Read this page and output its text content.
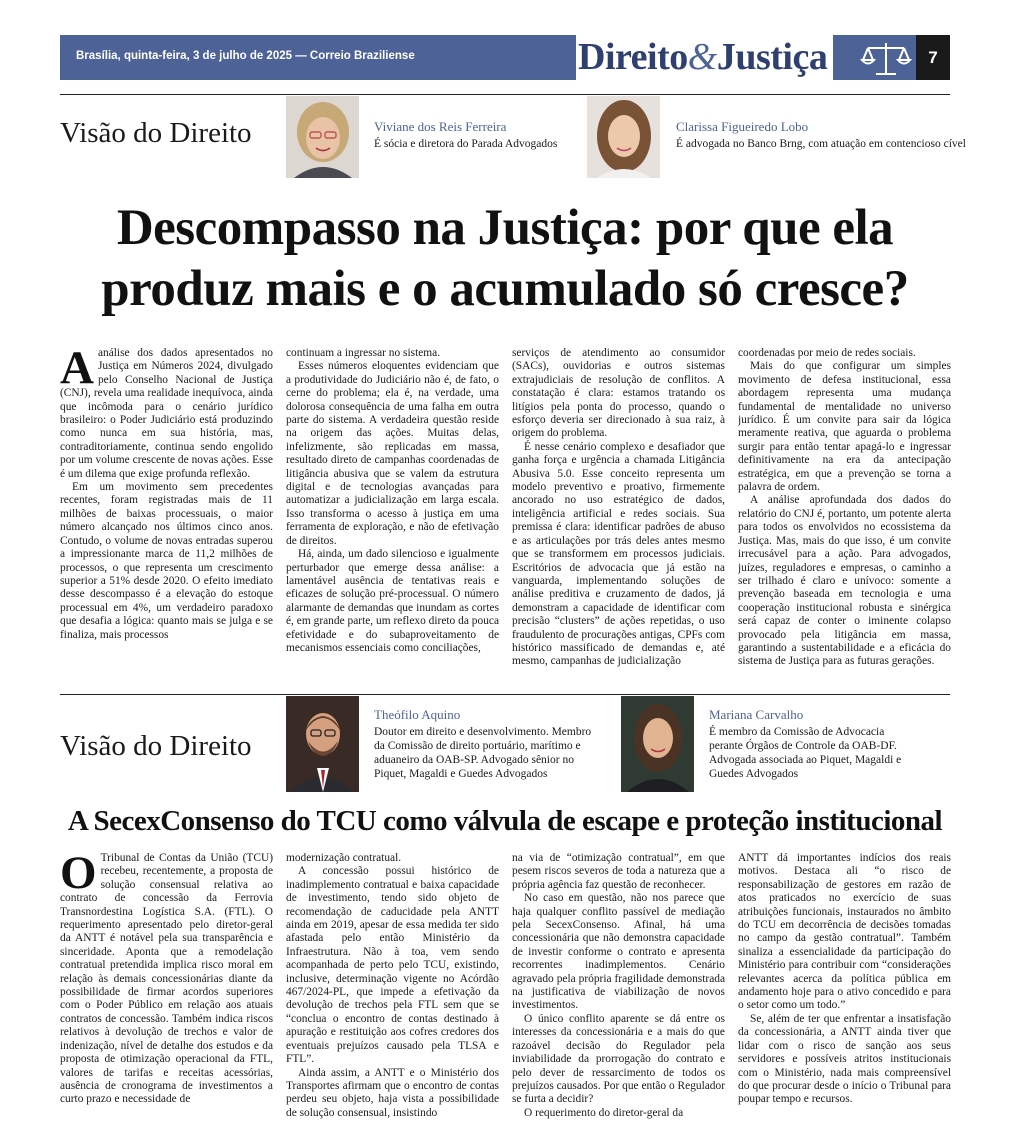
Brasília, quinta-feira, 3 de julho de 2025 — Correio Braziliense	Direito&Justiça	7
Visão do Direito	Viviane dos Reis Ferreira
É sócia e diretora do Parada Advogados
Clarissa Figueiredo Lobo
É advogada no Banco Brng, com atuação em contencioso cível
Descompasso na Justiça: por que ela
produz mais e o acumulado só cresce?

Aanálise dos dados apresentados no Justiça em Números 2024, divulgado pelo Conselho Nacional de Justiça (CNJ), revela uma realidade inequívoca, ainda que incômoda para o cenário jurídico brasileiro: o Poder Judiciário está produzindo como nunca em sua história, mas, contraditoriamente, continua sendo engolido por um volume crescente de novas ações. Esse é um dilema que exige profunda reflexão.

Em um movimento sem precedentes recentes, foram registradas mais de 11 milhões de baixas processuais, o maior número alcançado nos últimos cinco anos. Contudo, o volume de novas entradas superou a impressionante marca de 11,2 milhões de processos, o que representa um crescimento superior a 51% desde 2020. O efeito imediato desse descompasso é a elevação do estoque processual em 4%, um verdadeiro paradoxo que desafia a lógica: quanto mais se julga e se finaliza, mais processos

continuam a ingressar no sistema.

Esses números eloquentes evidenciam que a produtividade do Judiciário não é, de fato, o cerne do problema; ela é, na verdade, uma dolorosa consequência de uma falha em outra parte do sistema. A verdadeira questão reside na origem das ações. Muitas delas, infelizmente, são replicadas em massa, resultado direto de campanhas coordenadas de litigância abusiva que se valem da estrutura digital e de tecnologias avançadas para automatizar a judicialização em larga escala. Isso transforma o acesso à justiça em uma ferramenta de exploração, e não de efetivação de direitos.

Há, ainda, um dado silencioso e igualmente perturbador que emerge dessa análise: a lamentável ausência de tentativas reais e eficazes de solução pré-processual. O número alarmante de demandas que inundam as cortes é, em grande parte, um reflexo direto da pouca efetividade e do subaproveitamento de mecanismos essenciais como conciliações,

serviços de atendimento ao consumidor (SACs), ouvidorias e outros sistemas extrajudiciais de resolução de conflitos. A constatação é clara: estamos tratando os litígios pela ponta do processo, quando o esforço deveria ser direcionado à sua raiz, à origem do problema.

É nesse cenário complexo e desafiador que ganha força e urgência a chamada Litigância Abusiva 5.0. Esse conceito representa um modelo preventivo e proativo, firmemente ancorado no uso estratégico de dados, inteligência artificial e redes sociais. Sua premissa é clara: identificar padrões de abuso e as articulações por trás deles antes mesmo que se transformem em processos judiciais. Escritórios de advocacia que já estão na vanguarda, implementando soluções de análise preditiva e cruzamento de dados, já demonstram a capacidade de identificar com precisão “clusters” de ações repetidas, o uso fraudulento de procurações antigas, CPFs com histórico massificado de demandas e, até mesmo, campanhas de judicialização

coordenadas por meio de redes sociais.

Mais do que configurar um simples movimento de defesa institucional, essa abordagem representa uma mudança fundamental de mentalidade no universo jurídico. É um convite para sair da lógica meramente reativa, que aguarda o problema surgir para então tentar apagá-lo e ingressar definitivamente na era da antecipação estratégica, em que a prevenção se torna a palavra de ordem.

A análise aprofundada dos dados do relatório do CNJ é, portanto, um potente alerta para todos os envolvidos no ecossistema da Justiça. Mas, mais do que isso, é um convite irrecusável para a ação. Para advogados, juízes, reguladores e empresas, o caminho a ser trilhado é claro e unívoco: somente a prevenção baseada em tecnologia e uma cooperação institucional robusta e sinérgica será capaz de conter o iminente colapso provocado pela litigância em massa, garantindo a sustentabilidade e a eficácia do sistema de Justiça para as futuras gerações.

Visão do Direito
Theófilo Aquino
Doutor em direito e desenvolvimento. Membro da Comissão de direito portuário, marítimo e aduaneiro da OAB-SP. Advogado sênior no Piquet, Magaldi e Guedes Advogados
Mariana Carvalho
É membro da Comissão de Advocacia perante Órgãos de Controle da OAB-DF. Advogada associada ao Piquet, Magaldi e Guedes Advogados
A SecexConsenso do TCU como válvula de escape e proteção institucional

O Tribunal de Contas da União (TCU) recebeu, recentemente, a proposta de solução consensual relativa ao contrato de concessão da Ferrovia Transnordestina Logística S.A. (FTL). O requerimento apresentado pelo diretor-geral da ANTT é notável pela sua transparência e sinceridade. Aponta que a remodelação contratual pretendida implica risco moral em relação às demais concessionárias diante da possibilidade de firmar acordos superiores com o Poder Público em relação aos atuais contratos de concessão. Também indica riscos relativos à devolução de trechos e valor de indenização, nível de detalhe dos estudos e da proposta de otimização operacional da FTL, valores de tarifas e receitas acessórias, ausência de cronograma de investimentos a curto prazo e necessidade de

modernização contratual.

A concessão possui histórico de inadimplemento contratual e baixa capacidade de investimento, tendo sido objeto de recomendação de caducidade pela ANTT ainda em 2019, apesar de essa medida ter sido afastada pelo então Ministério da Infraestrutura. Não à toa, vem sendo acompanhada de perto pelo TCU, existindo, inclusive, determinação vigente no Acórdão 467/2024-PL, que impede a efetivação da devolução de trechos pela FTL sem que se “conclua o encontro de contas destinado à apuração e restituição aos cofres credores dos eventuais prejuízos causado pela TLSA e FTL”.

Ainda assim, a ANTT e o Ministério dos Transportes afirmam que o encontro de contas perdeu seu objeto, haja vista a possibilidade de solução consensual, insistindo

na via de “otimização contratual”, em que pesem riscos severos de toda a natureza que a própria agência faz questão de reconhecer.

No caso em questão, não nos parece que haja qualquer conflito passível de mediação pela SecexConsenso. Afinal, há uma concessionária que não demonstra capacidade de investir conforme o contrato e apresenta recorrentes inadimplementos. Cenário agravado pela própria fragilidade demonstrada na justificativa de viabilização de novos investimentos.

O único conflito aparente se dá entre os interesses da concessionária e a mais do que razoável decisão do Regulador pela inviabilidade da prorrogação do contrato e pelo dever de ressarcimento de todos os prejuízos causados. Por que então o Regulador se furta a decidir?

O requerimento do diretor-geral da

ANTT dá importantes indícios dos reais motivos. Destaca ali “o risco de responsabilização de gestores em razão de atos praticados no exercício de suas atribuições funcionais, instaurados no âmbito do TCU em decorrência de decisões tomadas no campo da gestão contratual”. Também sinaliza a essencialidade da participação do Ministério para contribuir com “considerações relevantes acerca da política pública em andamento hoje para o ativo concedido e para o setor como um todo.”

Se, além de ter que enfrentar a insatisfação da concessionária, a ANTT ainda tiver que lidar com o risco de sanção aos seus servidores e possíveis atritos institucionais com o Ministério, nada mais compreensível do que procurar desde o início o Tribunal para poupar tempo e recursos.
